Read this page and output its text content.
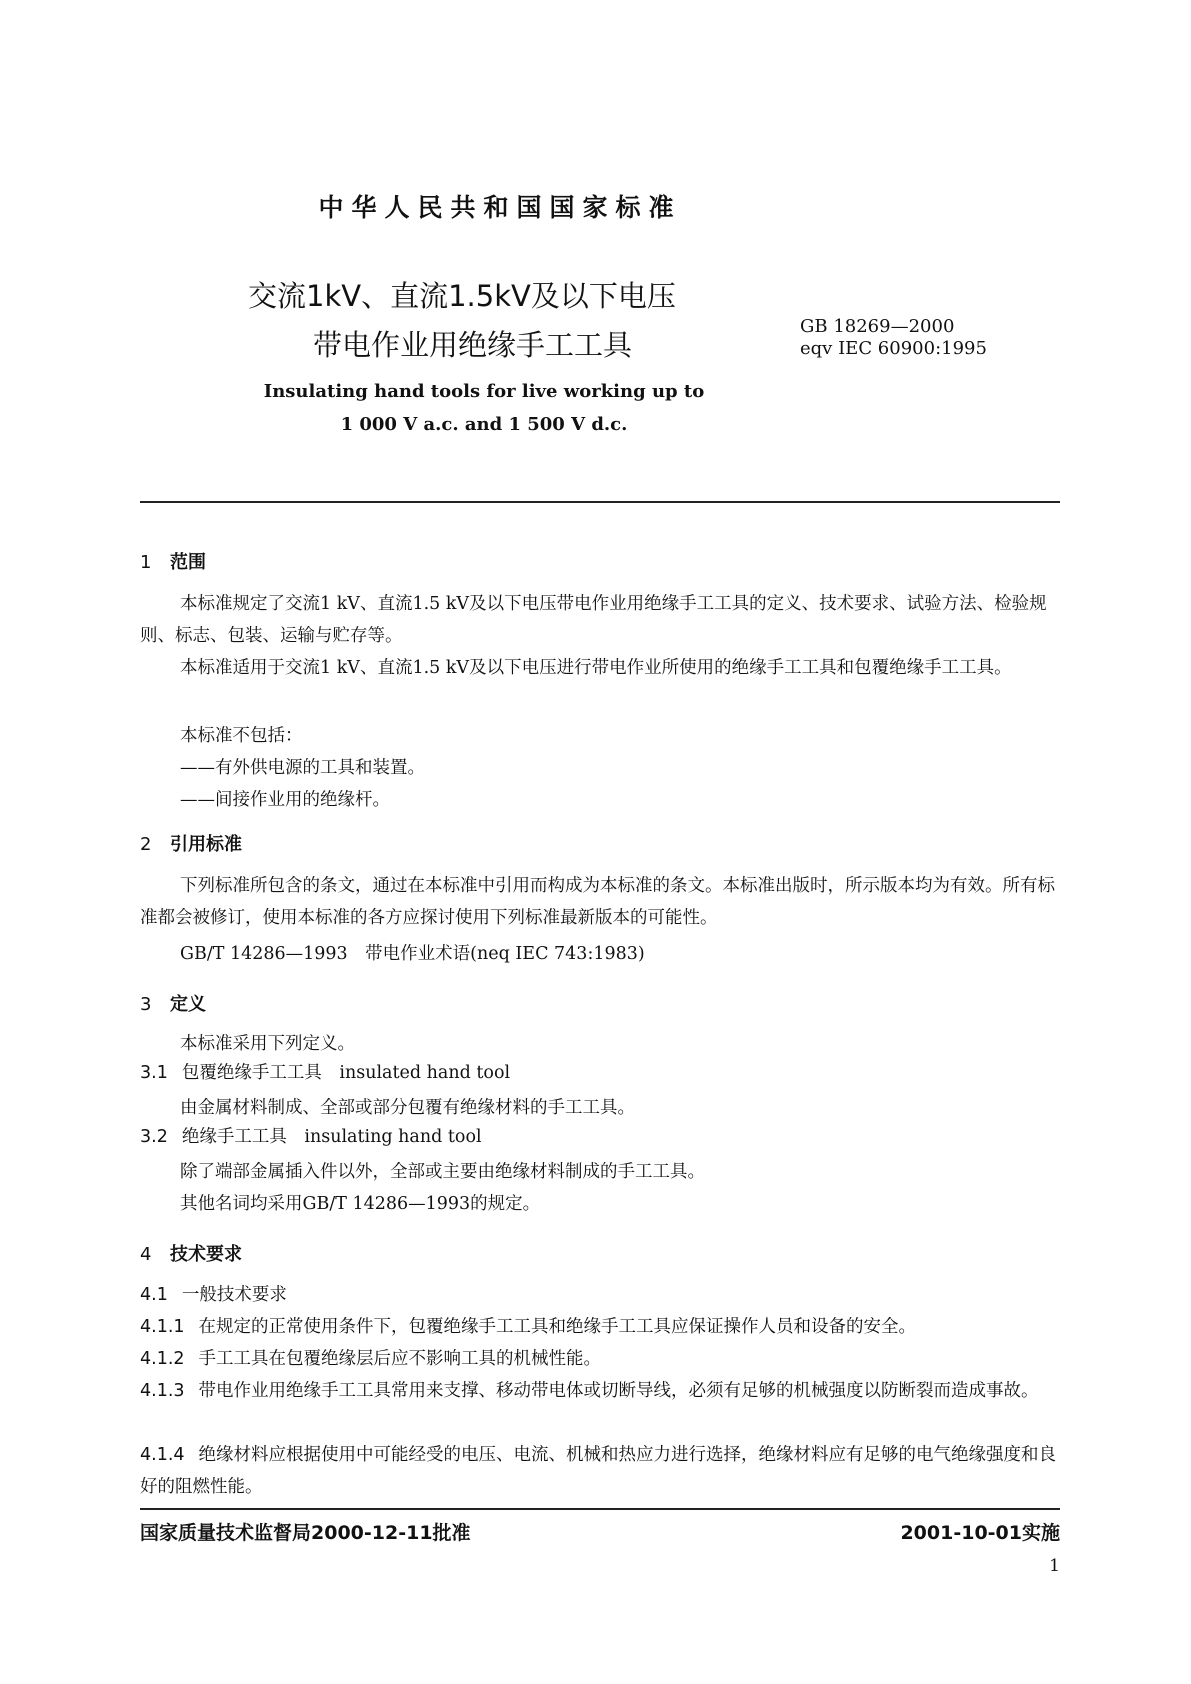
中华人民共和国国家标准
交流1kV、直流1.5kV及以下电压
带电作业用绝缘手工工具
GB 18269—2000
eqv IEC 60900:1995
Insulating hand tools for live working up to
1 000 V a.c. and 1 500 V d.c.
1 范围

本标准规定了交流1 kV、直流1.5 kV及以下电压带电作业用绝缘手工工具的定义、技术要求、试验方法、检验规则、标志、包装、运输与贮存等。

本标准适用于交流1 kV、直流1.5 kV及以下电压进行带电作业所使用的绝缘手工工具和包覆绝缘手工工具。

本标准不包括：
——有外供电源的工具和装置。
——间接作业用的绝缘杆。
2 引用标准

下列标准所包含的条文，通过在本标准中引用而构成为本标准的条文。本标准出版时，所示版本均为有效。所有标准都会被修订，使用本标准的各方应探讨使用下列标准最新版本的可能性。

GB/T 14286—1993　带电作业术语(neq IEC 743:1983)
3 定义
本标准采用下列定义。
3.1 包覆绝缘手工工具　insulated hand tool
由金属材料制成、全部或部分包覆有绝缘材料的手工工具。
3.2 绝缘手工工具　insulating hand tool
除了端部金属插入件以外，全部或主要由绝缘材料制成的手工工具。
其他名词均采用GB/T 14286—1993的规定。
4 技术要求
4.1 一般技术要求
4.1.1 在规定的正常使用条件下，包覆绝缘手工工具和绝缘手工工具应保证操作人员和设备的安全。
4.1.2 手工工具在包覆绝缘层后应不影响工具的机械性能。
4.1.3 带电作业用绝缘手工工具常用来支撑、移动带电体或切断导线，必须有足够的机械强度以防断裂而造成事故。
4.1.4 绝缘材料应根据使用中可能经受的电压、电流、机械和热应力进行选择，绝缘材料应有足够的电气绝缘强度和良好的阻燃性能。
国家质量技术监督局2000-12-11批准	2001-10-01实施
1
